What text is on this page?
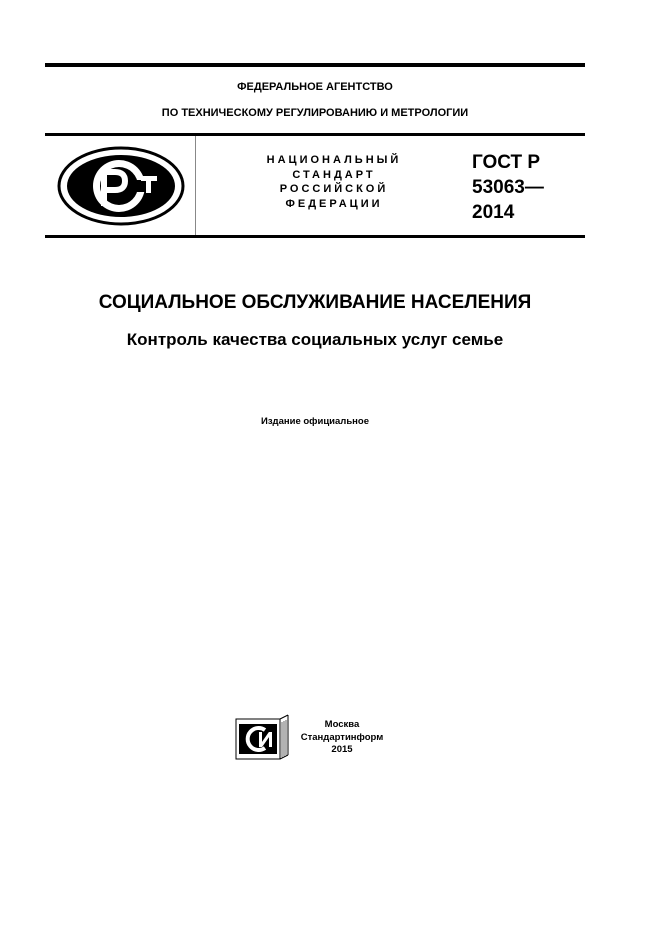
ФЕДЕРАЛЬНОЕ АГЕНТСТВО
ПО ТЕХНИЧЕСКОМУ РЕГУЛИРОВАНИЮ И МЕТРОЛОГИИ
НАЦИОНАЛЬНЫЙ
СТАНДАРТ
РОССИЙСКОЙ
ФЕДЕРАЦИИ
ГОСТ Р
53063—
2014
СОЦИАЛЬНОЕ ОБСЛУЖИВАНИЕ НАСЕЛЕНИЯ
Контроль качества социальных услуг семье
Издание официальное
Москва
Стандартинформ
2015
